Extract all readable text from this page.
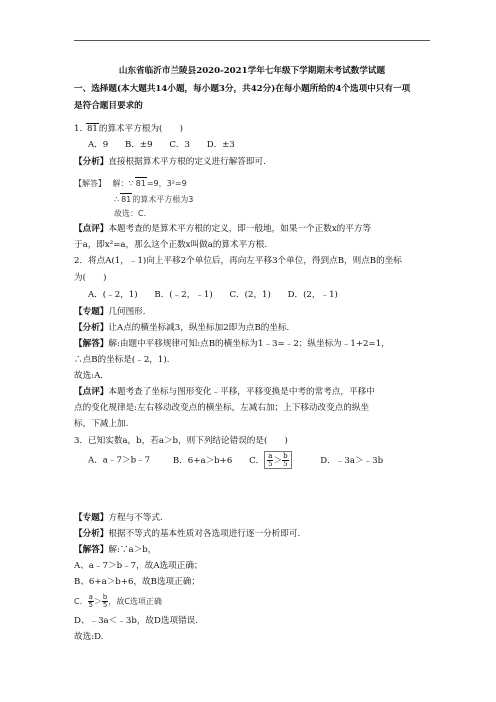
山东省临沂市兰陵县2020-2021学年七年级下学期期末考试数学试题
一、选择题(本大题共14小题，每小题3分，共42分)在每小题所给的4个选项中只有一项
是符合题目要求的
1. 81的算术平方根为(　　)
A．9 B．±9 C．3 D．±3
【分析】直接根据算术平方根的定义进行解答即可.
【解答】 解：∵ 81=9，3²=9
∴ 81的算术平方根为3
故选：C.
【点评】本题考查的是算术平方根的定义，即一般地，如果一个正数x的平方等
于a，即x²=a，那么这个正数x叫做a的算术平方根.
2．将点A(1，﹣1)向上平移2个单位后，再向左平移3个单位，得到点B，则点B的坐标
为(　　)
A．(﹣2，1) B．(﹣2，﹣1) C．(2，1) D．(2，﹣1)
【专题】几何图形.
【分析】让A点的横坐标减3，纵坐标加2即为点B的坐标.
【解答】解:由题中平移规律可知:点B的横坐标为1﹣3=﹣2；纵坐标为﹣1+2=1，
∴点B的坐标是(﹣2，1).
故选:A.
【点评】本题考查了坐标与图形变化﹣平移，平移变换是中考的常考点，平移中
点的变化规律是:左右移动改变点的横坐标，左减右加；上下移动改变点的纵坐
标，下减上加.
3．已知实数a，b，若a＞b，则下列结论错误的是(　　)
A．a﹣7＞b﹣7	B．6+a＞b+6 C． $\frac{a}{5}> \frac{b}{5}$	D．﹣3a＞﹣3b
【专题】方程与不等式.
【分析】根据不等式的基本性质对各选项进行逐一分析即可.
【解答】解:∵a＞b，
A、a﹣7＞b﹣7，故A选项正确；
B、6+a＞b+6，故B选项正确；
C． $\frac{a}{5}> \frac{b}{5}$，故C选项正确
D、﹣3a＜﹣3b，故D选项错误.
故选:D.
